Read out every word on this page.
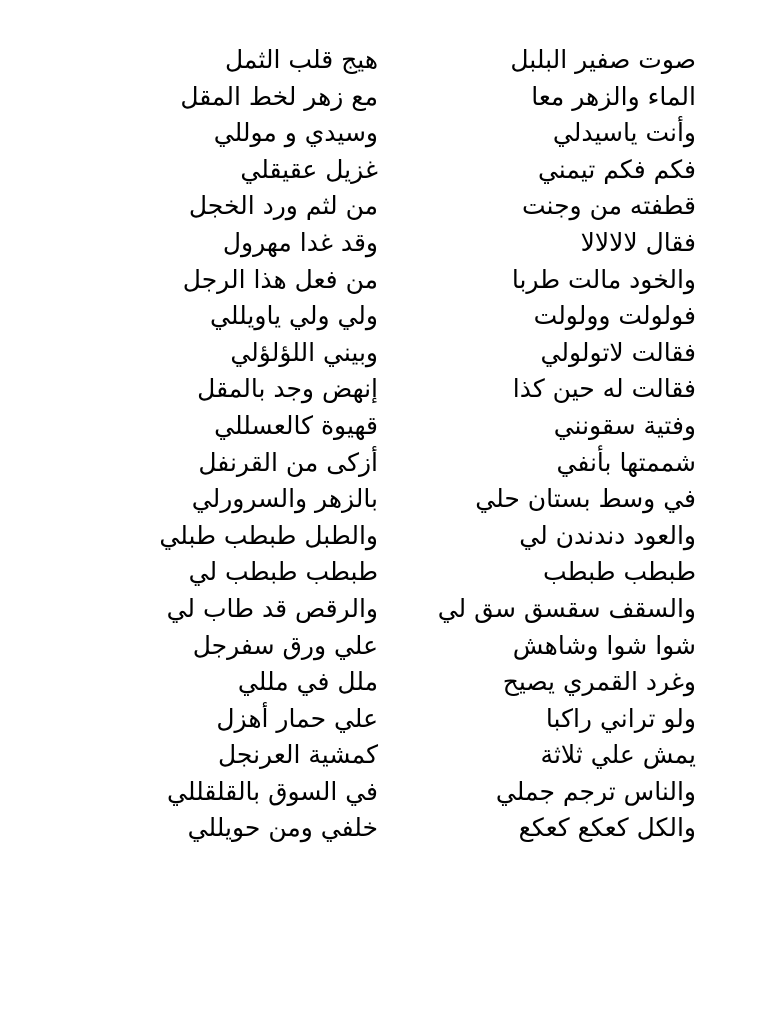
صوت صفير البلبل
هيج قلب الثمل
الماء والزهر معا
مع زهر لخط المقل
وأنت ياسيدلي
وسيدي و موللي
فكم فكم تيمني
غزيل عقيقلي
قطفته من وجنت
من لثم ورد الخجل
فقال لالالالا
وقد غدا مهرول
والخود مالت طربا
من فعل هذا الرجل
فولولت وولولت
ولي ولي ياويللي
فقالت لاتولولي
وبيني اللؤلؤلي
فقالت له حين كذا
إنهض وجد بالمقل
وفتية سقونني
قهيوة كالعسللي
شممتها بأنفي
أزكى من القرنفل
في وسط بستان حلي
بالزهر والسرورلي
والعود دندندن لي
والطبل طبطب طبلي
طبطب طبطب
طبطب طبطب لي
والسقف سقسق سق لي
والرقص قد طاب لي
شوا شوا وشاهش
علي ورق سفرجل
وغرد القمري يصيح
ملل في مللي
ولو تراني راكبا
علي حمار أهزل
يمش علي ثلاثة
كمشية العرنجل
والناس ترجم جملي
في السوق بالقلقللي
والكل كعكع كعكع
خلفي ومن حويللي
